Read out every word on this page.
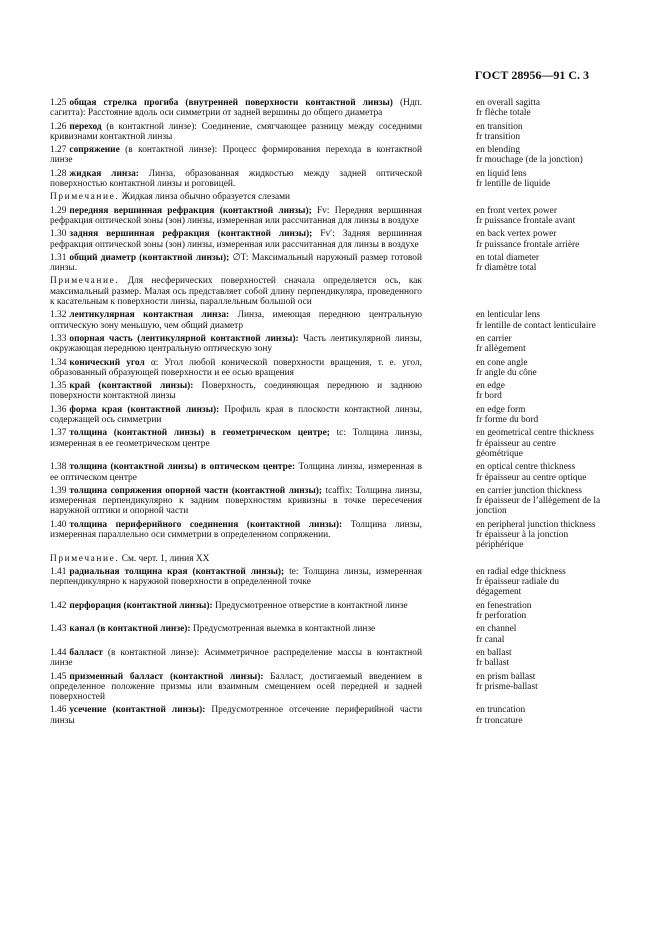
ГОСТ 28956—91 С. 3
1.25 общая стрелка прогиба (внутренней поверхности контактной линзы) (Ндп. сагитта): Расстояние вдоль оси симметрии от задней вершины до общего диаметра
en overall sagitta
fr flèche totale
1.26 переход (в контактной линзе): Соединение, смягчающее разницу между соседними кривизнами контактной линзы
en transition
fr transition
1.27 сопряжение (в контактной линзе): Процесс формирования перехода в контактной линзе
en blending
fr mouchage (de la jonction)
1.28 жидкая линза: Линза, образованная жидкостью между задней оптической поверхностью контактной линзы и роговицей.
en liquid lens
fr lentille de liquide
Примечание. Жидкая линза обычно образуется слезами
1.29 передняя вершинная рефракция (контактной линзы); Fv: Передняя вершинная рефракция оптической зоны (зон) линзы, измеренная или рассчитанная для линзы в воздухе
en front vertex power
fr puissance frontale avant
1.30 задняя вершинная рефракция (контактной линзы); Fv′: Задняя вершинная рефракция оптической зоны (зон) линзы, измеренная или рассчитанная для линзы в воздухе
en back vertex power
fr puissance frontale arrière
1.31 общий диаметр (контактной линзы); ∅T: Максимальный наружный размер готовой линзы.
en total diameter
fr diamètre total
Примечание. Для несферических поверхностей сначала определяется ось, как максимальный размер. Малая ось представляет собой длину перпендикуляра, проведенного к касательным к поверхности линзы, параллельным большой оси
1.32 лентикулярная контактная линза: Линза, имеющая переднюю центральную оптическую зону меньшую, чем общий диаметр
en lenticular lens
fr lentille de contact lenticulaire
1.33 опорная часть (лентикулярной контактной линзы): Часть лентикулярной линзы, окружающая переднюю центральную оптическую зону
en carrier
fr allègement
1.34 конический угол α: Угол любой конической поверхности вращения, т. е. угол, образованный образующей поверхности и ее осью вращения
en cone angle
fr angle du cône
1.35 край (контактной линзы): Поверхность, соединяющая переднюю и заднюю поверхности контактной линзы
en edge
fr bord
1.36 форма края (контактной линзы): Профиль края в плоскости контактной линзы, содержащей ось симметрии
en edge form
fr forme du bord
1.37 толщина (контактной линзы) в геометрическом центре; tc: Толщина линзы, измеренная в ее геометрическом центре
en geometrical centre thickness
fr épaisseur au centre
géométrique
1.38 толщина (контактной линзы) в оптическом центре: Толщина линзы, измеренная в ее оптическом центре
en optical centre thickness
fr épaisseur au centre optique
1.39 толщина сопряжения опорной части (контактной линзы); tcaffix: Толщина линзы, измеренная перпендикулярно к задним поверхностям кривизны в точке пересечения наружной оптики и опорной части
en carrier junction thickness
fr épaisseur de l’allègement de la
jonction
1.40 толщина периферийного соединения (контактной линзы): Толщина линзы, измеренная параллельно оси симметрии в определенном сопряжении.
en peripheral junction thickness
fr épaisseur à la jonction
périphérique
Примечание. См. черт. 1, линия XX
1.41 радиальная толщина края (контактной линзы); te: Толщина линзы, измеренная перпендикулярно к наружной поверхности в определенной точке
en radial edge thickness
fr épaisseur radiale du
dégagement
1.42 перфорация (контактной линзы): Предусмотренное отверстие в контактной линзе	en fenestration
fr perforation
1.43 канал (в контактной линзе): Предусмотренная выемка в контактной линзе	en channel
fr canal
1.44 баллаcт (в контактной линзе): Асимметричное распределение массы в контактной линзе
en ballast
fr ballast
1.45 призменный балласт (контактной линзы): Балласт, достигаемый введением в определенное положение призмы или взаимным смещением осей передней и задней поверхностей
en prism ballast
fr prisme-ballast
1.46 усечение (контактной линзы): Предусмотренное отсечение периферийной части линзы
en truncation
fr troncature
